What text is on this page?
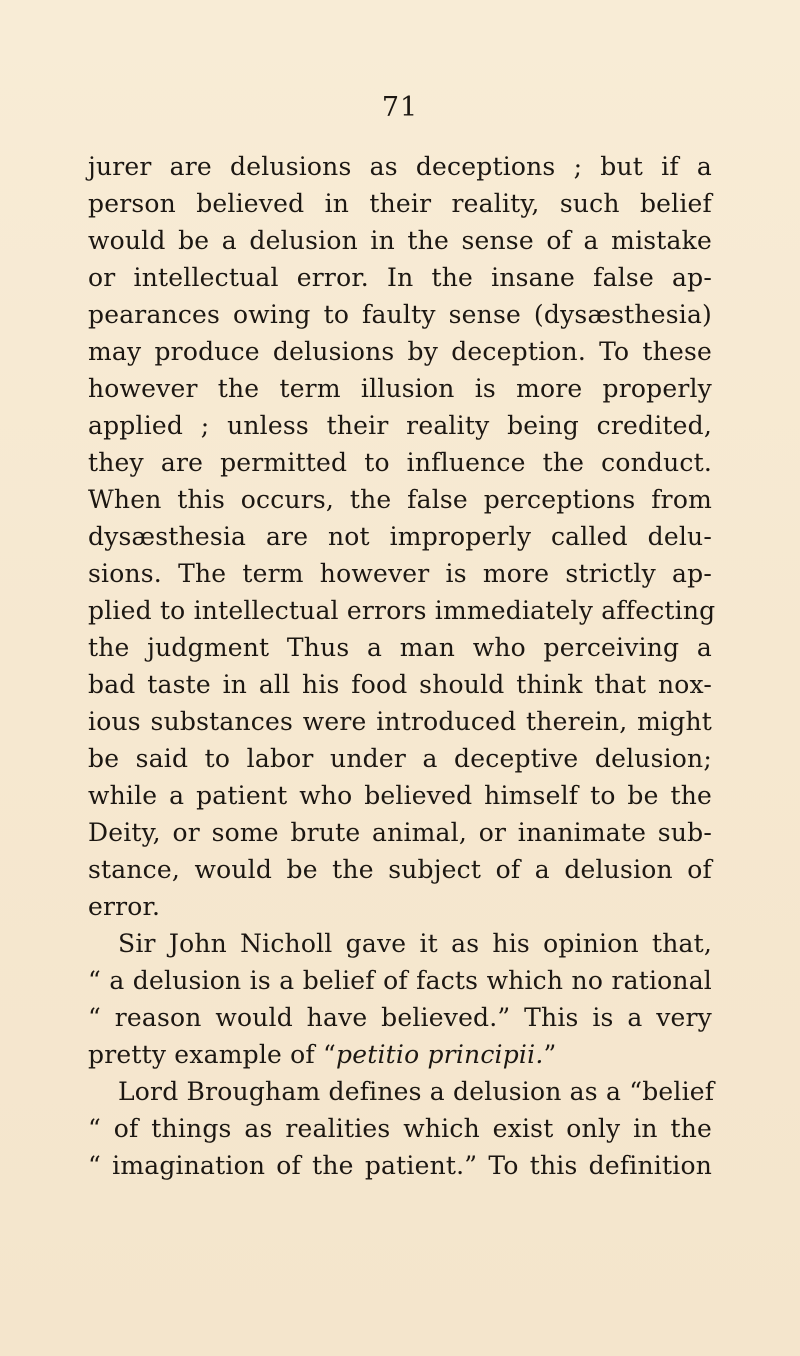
71
jurer are delusions as deceptions ; but if a
person believed in their reality, such belief
would be a delusion in the sense of a mistake
or intellectual error. In the insane false ap-
pearances owing to faulty sense (dysæsthesia)
may produce delusions by deception. To these
however the term illusion is more properly
applied ; unless their reality being credited,
they are permitted to influence the conduct.
When this occurs, the false perceptions from
dysæsthesia are not improperly called delu-
sions. The term however is more strictly ap-
plied to intellectual errors immediately affecting
the judgment Thus a man who perceiving a
bad taste in all his food should think that nox-
ious substances were introduced therein, might
be said to labor under a deceptive delusion;
while a patient who believed himself to be the
Deity, or some brute animal, or inanimate sub-
stance, would be the subject of a delusion of
error.
Sir John Nicholl gave it as his opinion that,
“ a delusion is a belief of facts which no rational
“ reason would have believed.” This is a very
pretty example of “petitio principii.”
Lord Brougham defines a delusion as a “belief
“ of things as realities which exist only in the
“ imagination of the patient.” To this definition
